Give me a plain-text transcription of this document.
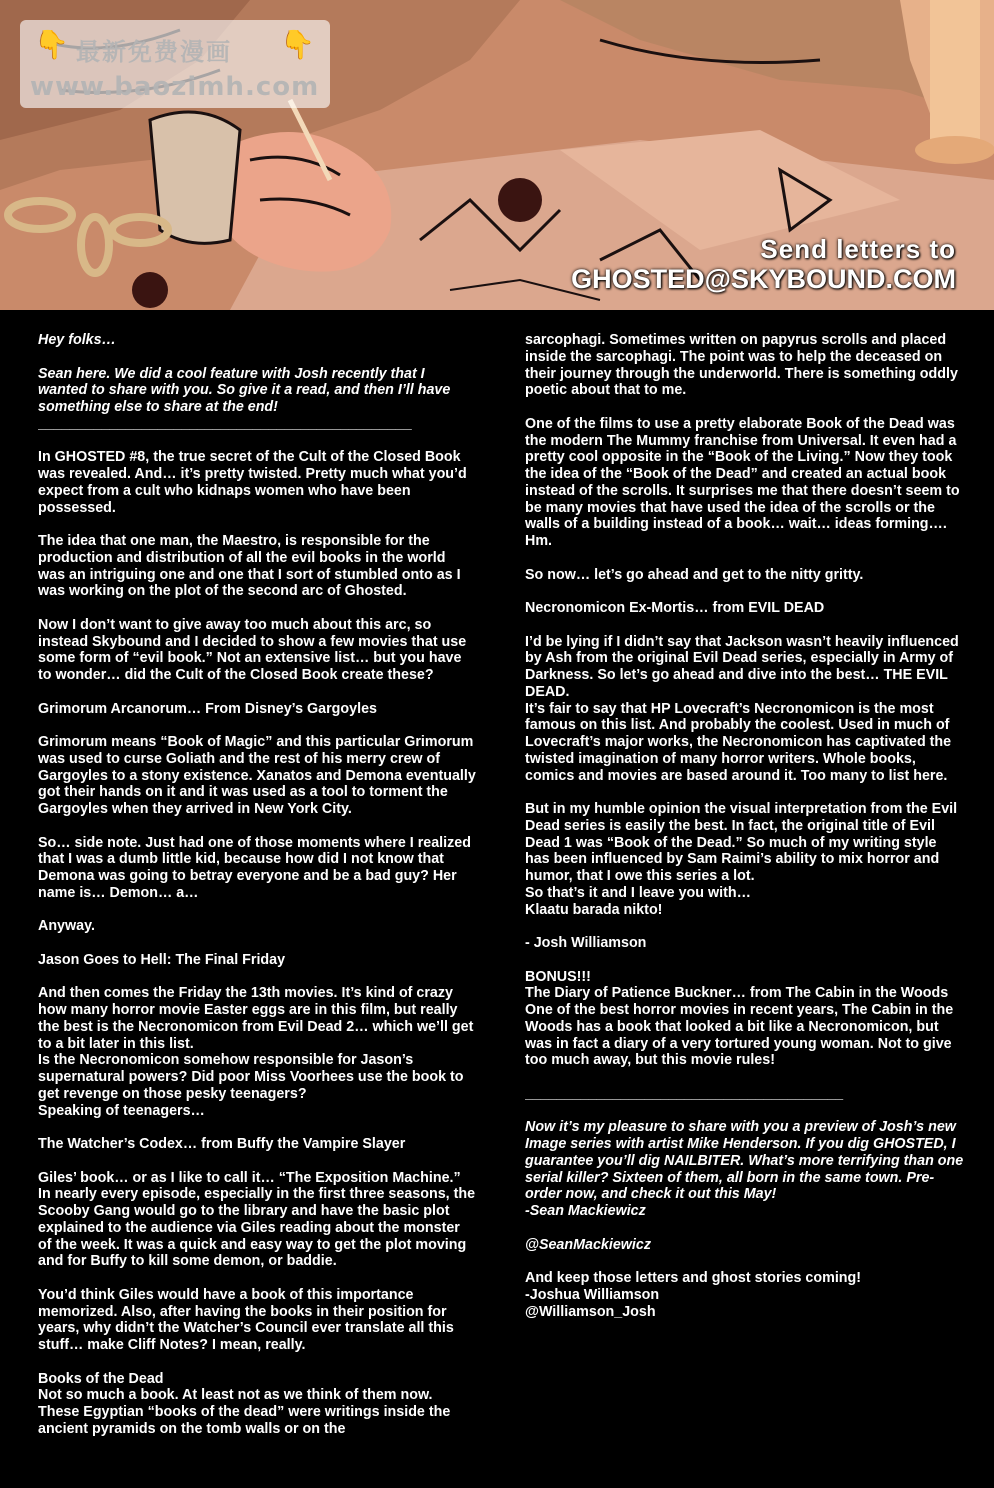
👇 最新免费漫画 👇
www.baozimh.com
Send letters to
GHOSTED@SKYBOUND.COM

Hey folks…

Sean here. We did a cool feature with Josh recently that I wanted to share with you. So give it a read, and then I’ll have something else to share at the end!

_______________________________________________

In GHOSTED #8, the true secret of the Cult of the Closed Book was revealed. And… it’s pretty twisted. Pretty much what you’d expect from a cult who kidnaps women who have been possessed.

The idea that one man, the Maestro, is responsible for the production and distribution of all the evil books in the world was an intriguing one and one that I sort of stumbled onto as I was working on the plot of the second arc of Ghosted.

Now I don’t want to give away too much about this arc, so instead Skybound and I decided to show a few movies that use some form of “evil book.” Not an extensive list… but you have to wonder… did the Cult of the Closed Book create these?

Grimorum Arcanorum… From Disney’s Gargoyles

Grimorum means “Book of Magic” and this particular Grimorum was used to curse Goliath and the rest of his merry crew of Gargoyles to a stony existence. Xanatos and Demona eventually got their hands on it and it was used as a tool to torment the Gargoyles when they arrived in New York City.

So… side note. Just had one of those moments where I realized that I was a dumb little kid, because how did I not know that Demona was going to betray everyone and be a bad guy? Her name is… Demon… a…

Anyway.

Jason Goes to Hell: The Final Friday

And then comes the Friday the 13th movies. It’s kind of crazy how many horror movie Easter eggs are in this film, but really the best is the Necronomicon from Evil Dead 2… which we’ll get to a bit later in this list.

Is the Necronomicon somehow responsible for Jason’s supernatural powers? Did poor Miss Voorhees use the book to get revenge on those pesky teenagers?

Speaking of teenagers…

The Watcher’s Codex… from Buffy the Vampire Slayer

Giles’ book… or as I like to call it… “The Exposition Machine.” In nearly every episode, especially in the first three seasons, the Scooby Gang would go to the library and have the basic plot explained to the audience via Giles reading about the monster of the week. It was a quick and easy way to get the plot moving and for Buffy to kill some demon, or baddie.

You’d think Giles would have a book of this importance memorized. Also, after having the books in their position for years, why didn’t the Watcher’s Council ever translate all this stuff… make Cliff Notes? I mean, really.

Books of the Dead

Not so much a book. At least not as we think of them now. These Egyptian “books of the dead” were writings inside the ancient pyramids on the tomb walls or on the

sarcophagi. Sometimes written on papyrus scrolls and placed inside the sarcophagi. The point was to help the deceased on their journey through the underworld. There is something oddly poetic about that to me.

One of the films to use a pretty elaborate Book of the Dead was the modern The Mummy franchise from Universal. It even had a pretty cool opposite in the “Book of the Living.” Now they took the idea of the “Book of the Dead” and created an actual book instead of the scrolls. It surprises me that there doesn’t seem to be many movies that have used the idea of the scrolls or the walls of a building instead of a book… wait… ideas forming…. Hm.

So now… let’s go ahead and get to the nitty gritty.

Necronomicon Ex-Mortis… from EVIL DEAD

I’d be lying if I didn’t say that Jackson wasn’t heavily influenced by Ash from the original Evil Dead series, especially in Army of Darkness. So let’s go ahead and dive into the best… THE EVIL DEAD.

It’s fair to say that HP Lovecraft’s Necronomicon is the most famous on this list. And probably the coolest. Used in much of Lovecraft’s major works, the Necronomicon has captivated the twisted imagination of many horror writers. Whole books, comics and movies are based around it. Too many to list here.

But in my humble opinion the visual interpretation from the Evil Dead series is easily the best. In fact, the original title of Evil Dead 1 was “Book of the Dead.” So much of my writing style has been influenced by Sam Raimi’s ability to mix horror and humor, that I owe this series a lot.

So that’s it and I leave you with…

Klaatu barada nikto!

- Josh Williamson

BONUS!!!

The Diary of Patience Buckner… from The Cabin in the Woods

One of the best horror movies in recent years, The Cabin in the Woods has a book that looked a bit like a Necronomicon, but was in fact a diary of a very tortured young woman. Not to give too much away, but this movie rules!

________________________________________

Now it’s my pleasure to share with you a preview of Josh’s new Image series with artist Mike Henderson. If you dig GHOSTED, I guarantee you’ll dig NAILBITER. What’s more terrifying than one serial killer? Sixteen of them, all born in the same town. Pre-order now, and check it out this May!

-Sean Mackiewicz

@SeanMackiewicz

And keep those letters and ghost stories coming!

-Joshua Williamson

@Williamson_Josh
